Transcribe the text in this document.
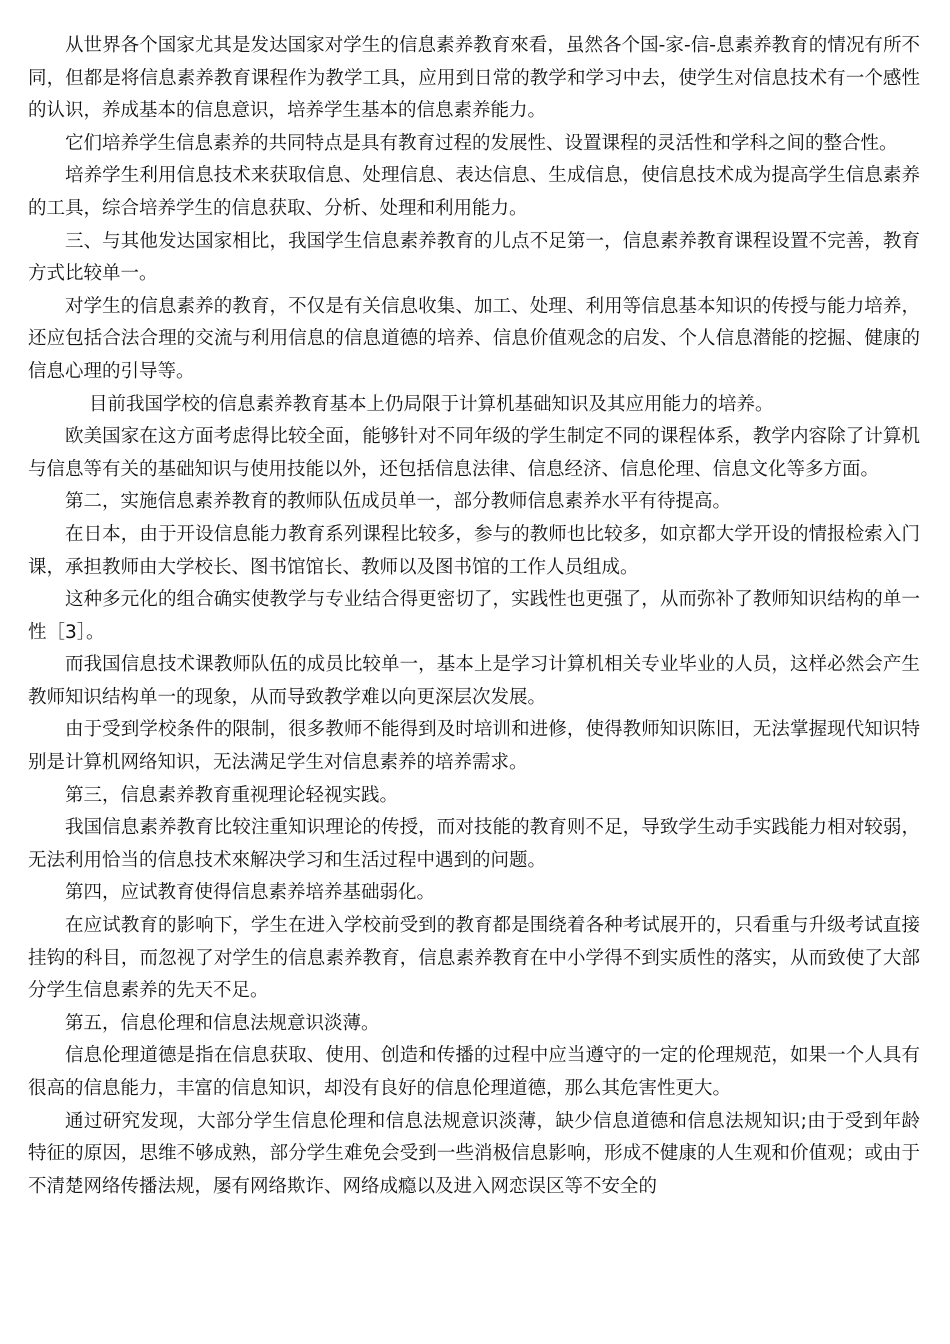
从世界各个国家尤其是发达国家对学生的信息素养教育來看，虽然各个国-家-信-息素养教育的情况有所不同，但都是将信息素养教育课程作为教学工具，应用到日常的教学和学习中去，使学生对信息技术有一个感性的认识，养成基本的信息意识，培养学生基本的信息素养能力。

它们培养学生信息素养的共同特点是具有教育过程的发展性、设置课程的灵活性和学科之间的整合性。

培养学生利用信息技术来获取信息、处理信息、表达信息、生成信息，使信息技术成为提高学生信息素养的工具，综合培养学生的信息获取、分析、处理和利用能力。

三、与其他发达国家相比，我国学生信息素养教育的儿点不足第一，信息素养教育课程设置不完善，教育方式比较单一。

对学生的信息素养的教育，不仅是有关信息收集、加工、处理、利用等信息基本知识的传授与能力培养，还应包括合法合理的交流与利用信息的信息道德的培养、信息价值观念的启发、个人信息潜能的挖掘、健康的信息心理的引导等。

目前我国学校的信息素养教育基本上仍局限于计算机基础知识及其应用能力的培养。

欧美国家在这方面考虑得比较全面，能够针对不同年级的学生制定不同的课程体系，教学内容除了计算机与信息等有关的基础知识与使用技能以外，还包括信息法律、信息经济、信息伦理、信息文化等多方面。

第二，实施信息素养教育的教师队伍成员单一，部分教师信息素养水平有待提高。

在日本，由于开设信息能力教育系列课程比较多，参与的教师也比较多，如京都大学开设的情报检索入门课，承担教师由大学校长、图书馆馆长、教师以及图书馆的工作人员组成。

这种多元化的组合确实使教学与专业结合得更密切了，实践性也更强了，从而弥补了教师知识结构的单一性［3］。

而我国信息技术课教师队伍的成员比较单一，基本上是学习计算机相关专业毕业的人员，这样必然会产生教师知识结构单一的现象，从而导致教学难以向更深层次发展。

由于受到学校条件的限制，很多教师不能得到及时培训和进修，使得教师知识陈旧，无法掌握现代知识特别是计算机网络知识，无法满足学生对信息素养的培养需求。

第三，信息素养教育重视理论轻视实践。

我国信息素养教育比较注重知识理论的传授，而对技能的教育则不足，导致学生动手实践能力相对较弱，无法利用恰当的信息技术來解决学习和生活过程中遇到的问题。

第四，应试教育使得信息素养培养基础弱化。

在应试教育的影响下，学生在进入学校前受到的教育都是围绕着各种考试展开的，只看重与升级考试直接挂钩的科目，而忽视了对学生的信息素养教育，信息素养教育在中小学得不到实质性的落实，从而致使了大部分学生信息素养的先天不足。

第五，信息伦理和信息法规意识淡薄。

信息伦理道德是指在信息获取、使用、创造和传播的过程中应当遵守的一定的伦理规范，如果一个人具有很高的信息能力，丰富的信息知识，却没有良好的信息伦理道德，那么其危害性更大。

通过研究发现，大部分学生信息伦理和信息法规意识淡薄，缺少信息道德和信息法规知识;由于受到年龄特征的原因，思维不够成熟，部分学生难免会受到一些消极信息影响，形成不健康的人生观和价值观；或由于不清楚网络传播法规，屡有网络欺诈、网络成瘾以及进入网恋误区等不安全的
